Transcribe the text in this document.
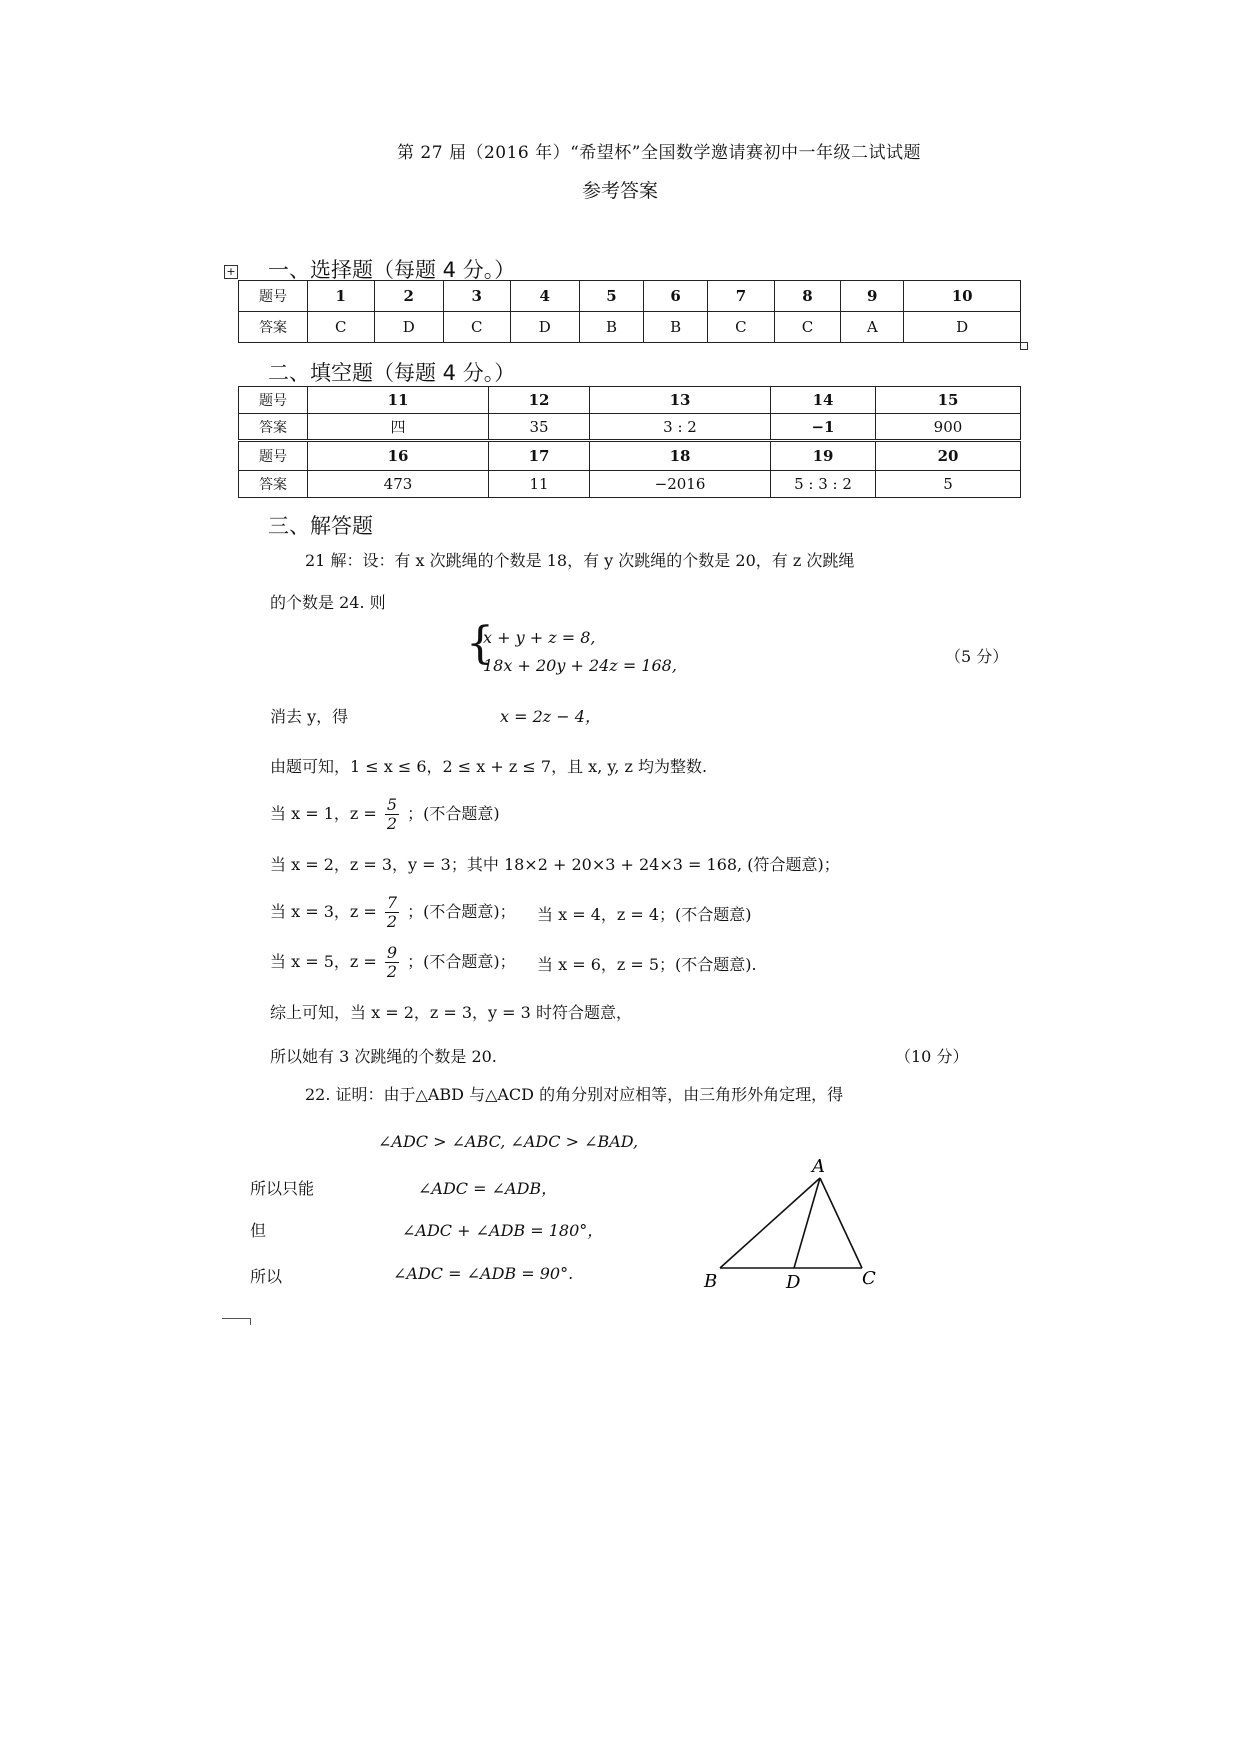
第 27 届（2016 年）“希望杯”全国数学邀请赛初中一年级二试试题
参考答案
+ 一、选择题（每题 4 分。）
题号	1	2	3	4	5	6	7	8	9	10
答案	C	D	C	D	B	B	C	C	A	D
二、填空题（每题 4 分。）
题号	11	12	13	14	15
答案	四	35	3 : 2	−1	900
题号	16	17	18	19	20
答案	473	11	−2016	5 : 3 : 2	5
三、解答题
21 解：设：有 x 次跳绳的个数是 18，有 y 次跳绳的个数是 20，有 z 次跳绳
的个数是 24. 则
{
x + y + z = 8,
18x + 20y + 24z = 168,	（5 分）
消去 y，得	x = 2z − 4，
由题可知，1 ≤ x ≤ 6，2 ≤ x + z ≤ 7，且 x, y, z 均为整数.
当 x = 1，$z = \frac{5}{2}$ ；(不合题意)
当 x = 2，z = 3，y = 3；其中 18×2 + 20×3 + 24×3 = 168, (符合题意)；
当 x = 3，$z = \frac{7}{2}$ ；(不合题意)； 当 x = 4，z = 4；(不合题意)
当 x = 5，$z = \frac{9}{2}$ ；(不合题意)； 当 x = 6，z = 5；(不合题意).
综上可知，当 x = 2，z = 3，y = 3 时符合题意，
所以她有 3 次跳绳的个数是 20.	（10 分）
22. 证明：由于△ABD 与△ACD 的角分别对应相等，由三角形外角定理，得
∠ADC > ∠ABC, ∠ADC > ∠BAD,
所以只能	∠ADC = ∠ADB，
但	∠ADC + ∠ADB = 180°，
所以	∠ADC = ∠ADB = 90°.
A
B	D	C
